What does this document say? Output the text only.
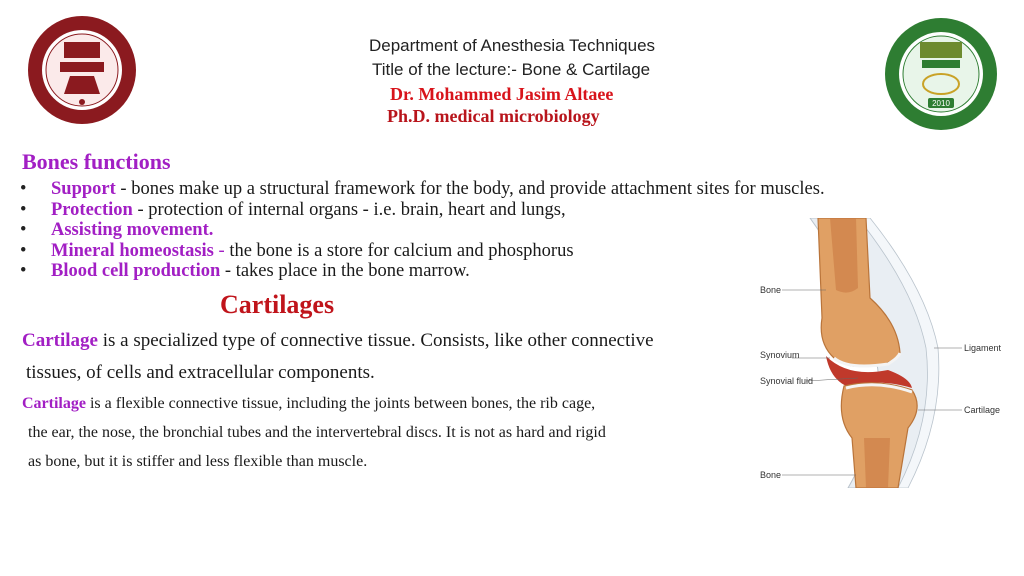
2010
Department of Anesthesia Techniques
Title of the lecture:- Bone & Cartilage
Dr. Mohammed Jasim Altaee
Ph.D. medical microbiology
Bones functions
• Support - bones make up a structural framework for the body, and provide attachment sites for muscles.
• Protection - protection of internal organs - i.e. brain, heart and lungs,
• Assisting movement.
• Mineral homeostasis - the bone is a store for calcium and phosphorus
• Blood cell production - takes place in the bone marrow.
Cartilages
Cartilage is a specialized type of connective tissue. Consists, like other connective
tissues, of cells and extracellular components.
Cartilage is a flexible connective tissue, including the joints between bones, the rib cage,
the ear, the nose, the bronchial tubes and the intervertebral discs. It is not as hard and rigid
as bone, but it is stiffer and less flexible than muscle.
Bone
Synovium
Synovial fluid
Bone
Ligament
Cartilage
